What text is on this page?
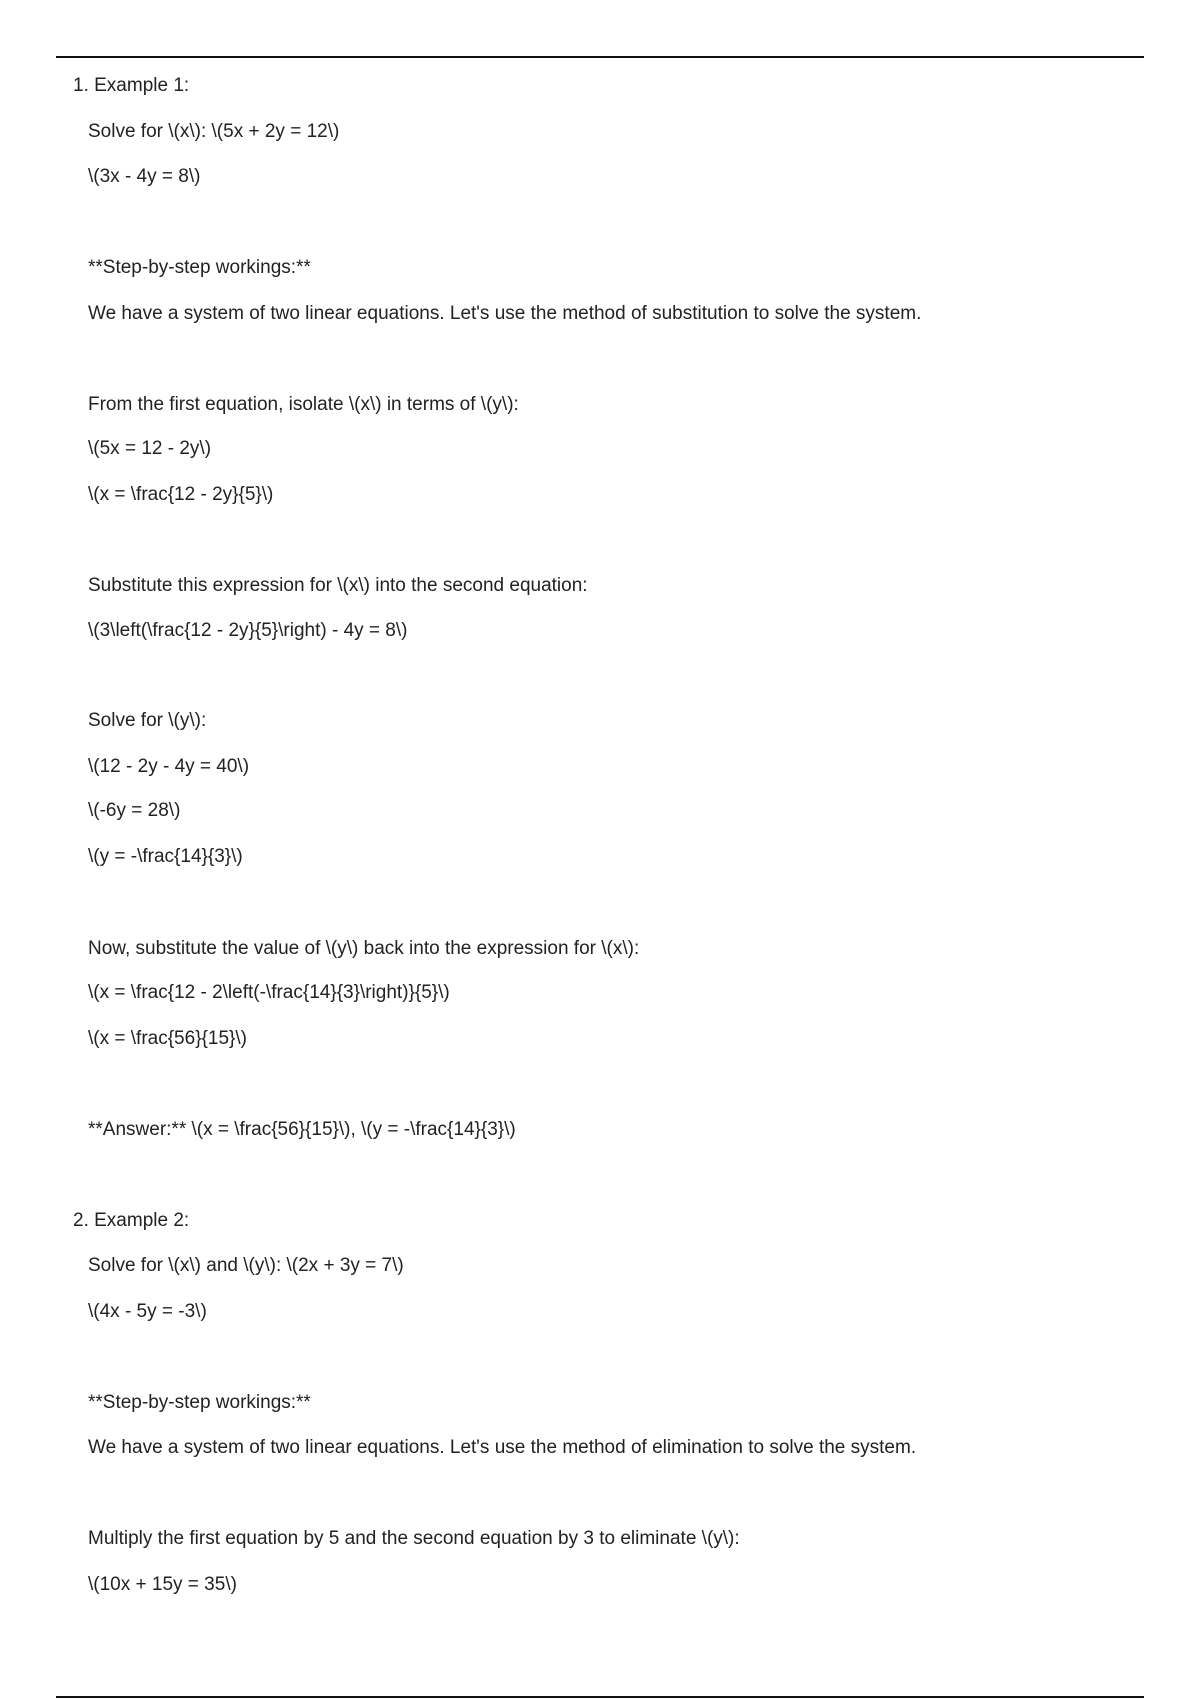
1. Example 1:
Solve for \(x\): \(5x + 2y = 12\)
\(3x - 4y = 8\)
**Step-by-step workings:**
We have a system of two linear equations. Let's use the method of substitution to solve the system.
From the first equation, isolate \(x\) in terms of \(y\):
\(5x = 12 - 2y\)
\(x = \frac{12 - 2y}{5}\)
Substitute this expression for \(x\) into the second equation:
\(3\left(\frac{12 - 2y}{5}\right) - 4y = 8\)
Solve for \(y\):
\(12 - 2y - 4y = 40\)
\(-6y = 28\)
\(y = -\frac{14}{3}\)
Now, substitute the value of \(y\) back into the expression for \(x\):
\(x = \frac{12 - 2\left(-\frac{14}{3}\right)}{5}\)
\(x = \frac{56}{15}\)
**Answer:** \(x = \frac{56}{15}\), \(y = -\frac{14}{3}\)
2. Example 2:
Solve for \(x\) and \(y\): \(2x + 3y = 7\)
\(4x - 5y = -3\)
**Step-by-step workings:**
We have a system of two linear equations. Let's use the method of elimination to solve the system.
Multiply the first equation by 5 and the second equation by 3 to eliminate \(y\):
\(10x + 15y = 35\)
